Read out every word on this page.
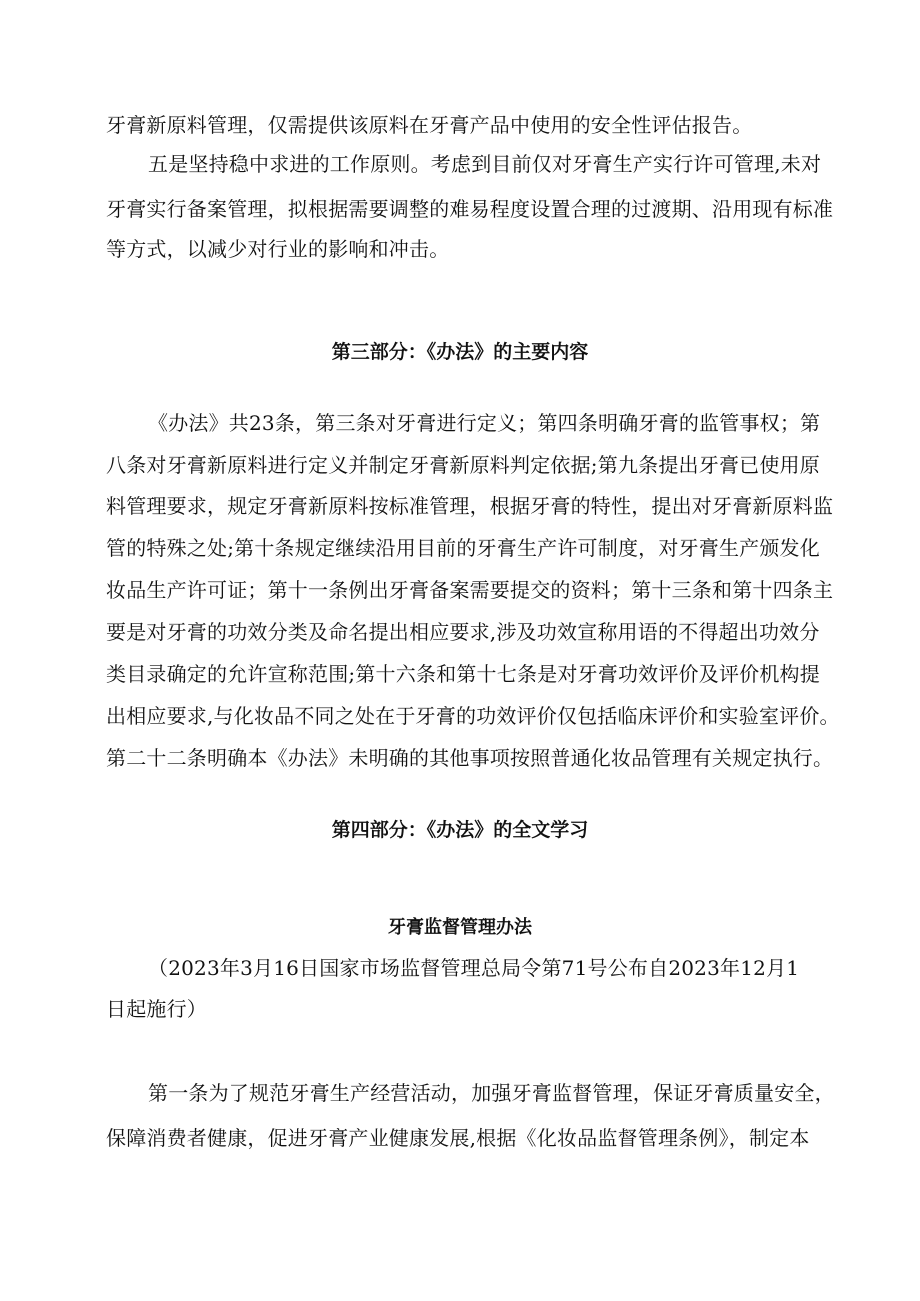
牙膏新原料管理，仅需提供该原料在牙膏产品中使用的安全性评估报告。
五是坚持稳中求进的工作原则。考虑到目前仅对牙膏生产实行许可管理,未对
牙膏实行备案管理，拟根据需要调整的难易程度设置合理的过渡期、沿用现有标准
等方式，以减少对行业的影响和冲击。
第三部分：《办法》的主要内容
《办法》共23条，第三条对牙膏进行定义；第四条明确牙膏的监管事权；第
八条对牙膏新原料进行定义并制定牙膏新原料判定依据;第九条提出牙膏已使用原
料管理要求，规定牙膏新原料按标准管理，根据牙膏的特性，提出对牙膏新原料监
管的特殊之处;第十条规定继续沿用目前的牙膏生产许可制度，对牙膏生产颁发化
妆品生产许可证；第十一条例出牙膏备案需要提交的资料；第十三条和第十四条主
要是对牙膏的功效分类及命名提出相应要求,涉及功效宣称用语的不得超出功效分
类目录确定的允许宣称范围;第十六条和第十七条是对牙膏功效评价及评价机构提
出相应要求,与化妆品不同之处在于牙膏的功效评价仅包括临床评价和实验室评价。
第二十二条明确本《办法》未明确的其他事项按照普通化妆品管理有关规定执行。
第四部分：《办法》的全文学习
牙膏监督管理办法
（2023年3月16日国家市场监督管理总局令第71号公布自2023年12月1
日起施行）
第一条为了规范牙膏生产经营活动，加强牙膏监督管理，保证牙膏质量安全，
保障消费者健康，促进牙膏产业健康发展,根据《化妆品监督管理条例》，制定本
